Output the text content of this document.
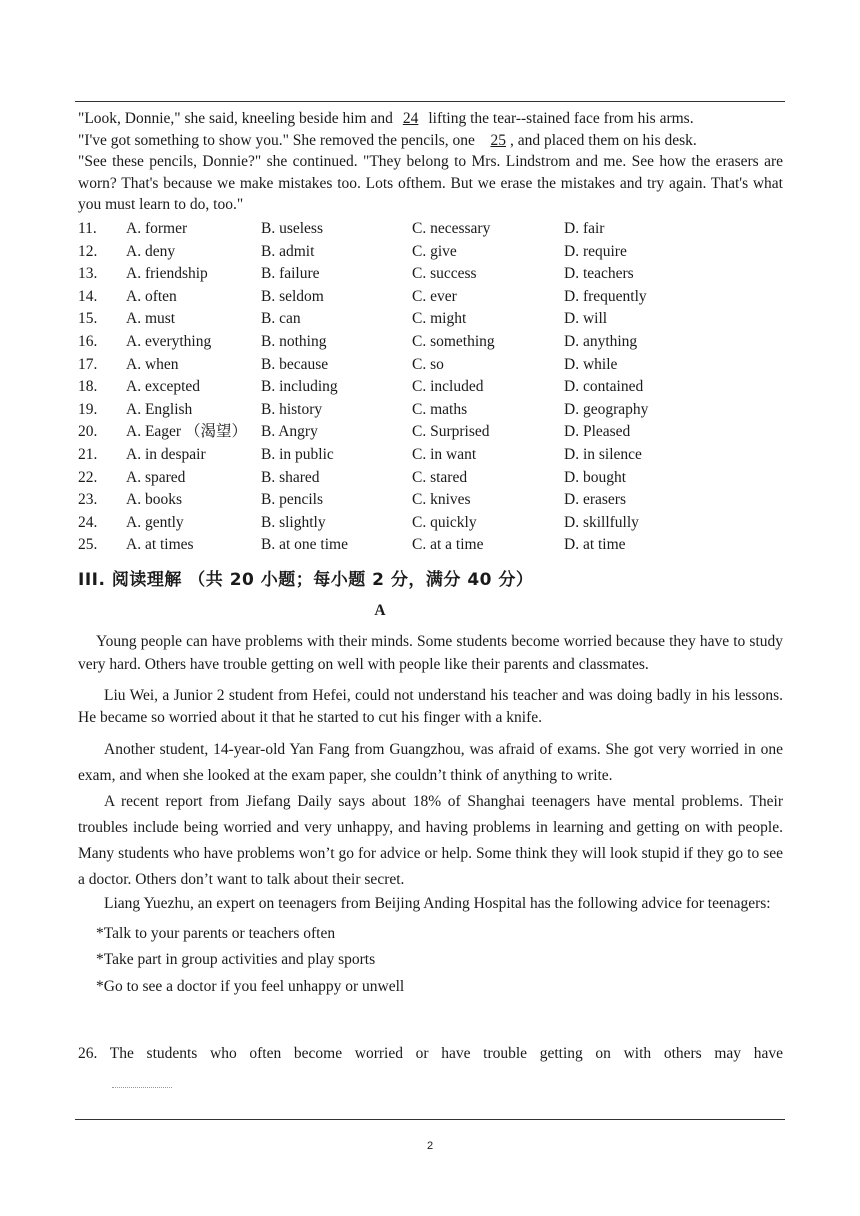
"Look, Donnie," she said, kneeling beside him and 24 lifting the tear--stained face from his arms.

"I've got something to show you." She removed the pencils, one 25 , and placed them on his desk.

"See these pencils, Donnie?" she continued. "They belong to Mrs. Lindstrom and me. See how the erasers are worn? That's because we make mistakes too. Lots ofthem. But we erase the mistakes and try again. That's what you must learn to do, too."

11. A. former	B. useless	C. necessary	D. fair
12. A. deny	B. admit	C. give	D. require
13. A. friendship	B. failure	C. success	D. teachers
14. A. often	B. seldom	C. ever	D. frequently
15. A. must	B. can	C. might	D. will
16. A. everything	B. nothing	C. something	D. anything
17. A. when	B. because	C. so	D. while
18. A. excepted	B. including	C. included	D. contained
19. A. English	B. history	C. maths	D. geography
20. A. Eager （渴望） B. Angry	C. Surprised	D. Pleased
21. A. in despair	B. in public	C. in want	D. in silence
22. A. spared	B. shared	C. stared	D. bought
23. A. books	B. pencils	C. knives	D. erasers
24. A. gently	B. slightly	C. quickly	D. skillfully
25. A. at times	B. at one time	C. at a time	D. at time
III. 阅读理解 （共 20 小题；每小题 2 分，满分 40 分）
A

Young people can have problems with their minds. Some students become worried because they have to study very hard. Others have trouble getting on well with people like their parents and classmates.

Liu Wei, a Junior 2 student from Hefei, could not understand his teacher and was doing badly in his lessons. He became so worried about it that he started to cut his finger with a knife.

Another student, 14-year-old Yan Fang from Guangzhou, was afraid of exams. She got very worried in one exam, and when she looked at the exam paper, she couldn’t think of anything to write.

A recent report from Jiefang Daily says about 18% of Shanghai teenagers have mental problems. Their troubles include being worried and very unhappy, and having problems in learning and getting on with people. Many students who have problems won’t go for advice or help. Some think they will look stupid if they go to see a doctor. Others don’t want to talk about their secret.

Liang Yuezhu, an expert on teenagers from Beijing Anding Hospital has the following advice for teenagers:

*Talk to your parents or teachers often

*Take part in group activities and play sports

*Go to see a doctor if you feel unhappy or unwell

26. The students who often become worried or have trouble getting on with others may have
2
